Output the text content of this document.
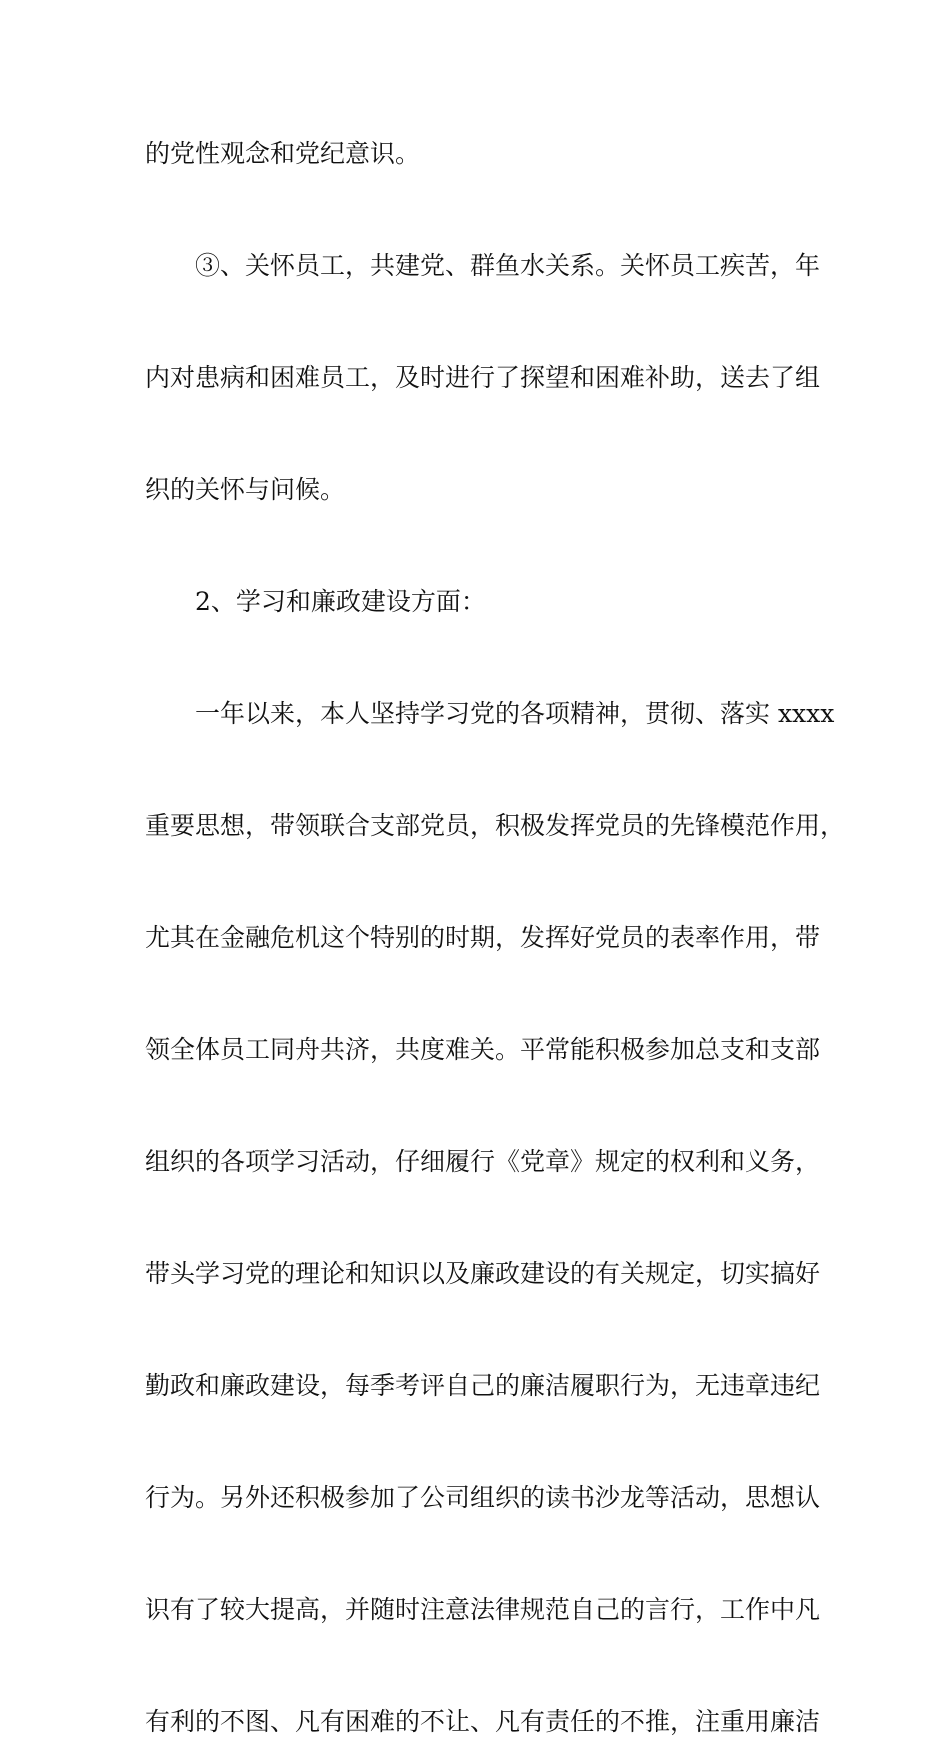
的党性观念和党纪意识。
③、关怀员工，共建党、群鱼水关系。关怀员工疾苦，年
内对患病和困难员工，及时进行了探望和困难补助，送去了组
织的关怀与问候。
2、学习和廉政建设方面：
一年以来，本人坚持学习党的各项精神，贯彻、落实 xxxx
重要思想，带领联合支部党员，积极发挥党员的先锋模范作用，
尤其在金融危机这个特别的时期，发挥好党员的表率作用，带
领全体员工同舟共济，共度难关。平常能积极参加总支和支部
组织的各项学习活动，仔细履行《党章》规定的权利和义务，
带头学习党的理论和知识以及廉政建设的有关规定，切实搞好
勤政和廉政建设，每季考评自己的廉洁履职行为，无违章违纪
行为。另外还积极参加了公司组织的读书沙龙等活动，思想认
识有了较大提高，并随时注意法律规范自己的言行，工作中凡
有利的不图、凡有困难的不让、凡有责任的不推，注重用廉洁
